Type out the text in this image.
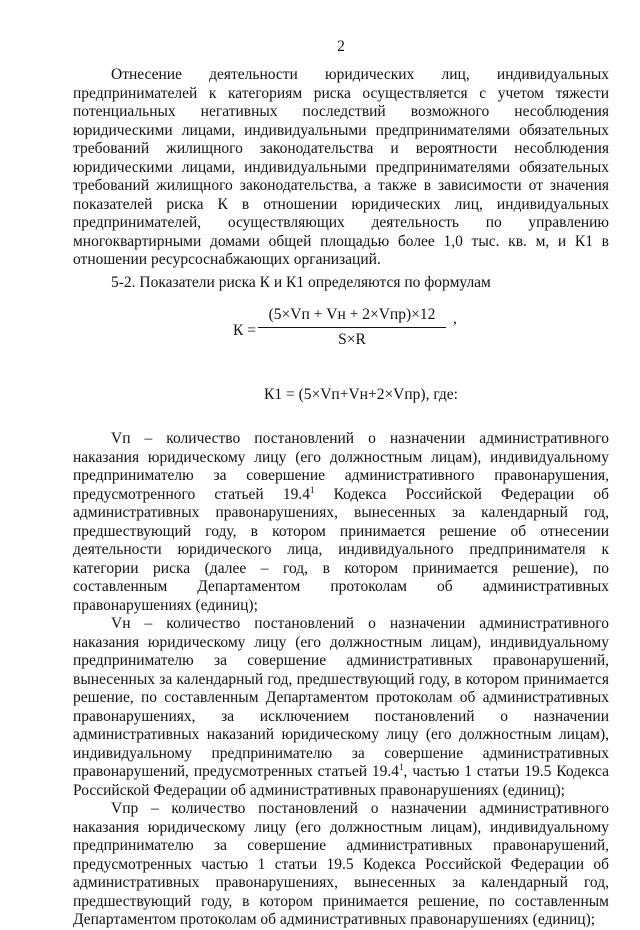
2

Отнесение деятельности юридических лиц, индивидуальных предпринимателей к категориям риска осуществляется с учетом тяжести потенциальных негативных последствий возможного несоблюдения юридическими лицами, индивидуальными предпринимателями обязательных требований жилищного законодательства и вероятности несоблюдения юридическими лицами, индивидуальными предпринимателями обязательных требований жилищного законодательства, а также в зависимости от значения показателей риска К в отношении юридических лиц, индивидуальных предпринимателей, осуществляющих деятельность по управлению многоквартирными домами общей площадью более 1,0 тыс. кв. м, и К1 в отношении ресурсоснабжающих организаций.

5-2. Показатели риска К и К1 определяются по формулам

К =
(5×Vп + Vн + 2×Vпр)×12
S×R
,
К1 = (5×Vп+Vн+2×Vпр), где:

Vп – количество постановлений о назначении административного наказания юридическому лицу (его должностным лицам), индивидуальному предпринимателю за совершение административного правонарушения, предусмотренного статьей 19.4$^1$ Кодекса Российской Федерации об административных правонарушениях, вынесенных за календарный год, предшествующий году, в котором принимается решение об отнесении деятельности юридического лица, индивидуального предпринимателя к категории риска (далее – год, в котором принимается решение), по составленным Департаментом протоколам об административных правонарушениях (единиц);

Vн – количество постановлений о назначении административного наказания юридическому лицу (его должностным лицам), индивидуальному предпринимателю за совершение административных правонарушений, вынесенных за календарный год, предшествующий году, в котором принимается решение, по составленным Департаментом протоколам об административных правонарушениях, за исключением постановлений о назначении административных наказаний юридическому лицу (его должностным лицам), индивидуальному предпринимателю за совершение административных правонарушений, предусмотренных статьей 19.4$^1$, частью 1 статьи 19.5 Кодекса Российской Федерации об административных правонарушениях (единиц);

Vпр – количество постановлений о назначении административного наказания юридическому лицу (его должностным лицам), индивидуальному предпринимателю за совершение административных правонарушений, предусмотренных частью 1 статьи 19.5 Кодекса Российской Федерации об административных правонарушениях, вынесенных за календарный год, предшествующий году, в котором принимается решение, по составленным Департаментом протоколам об административных правонарушениях (единиц);
